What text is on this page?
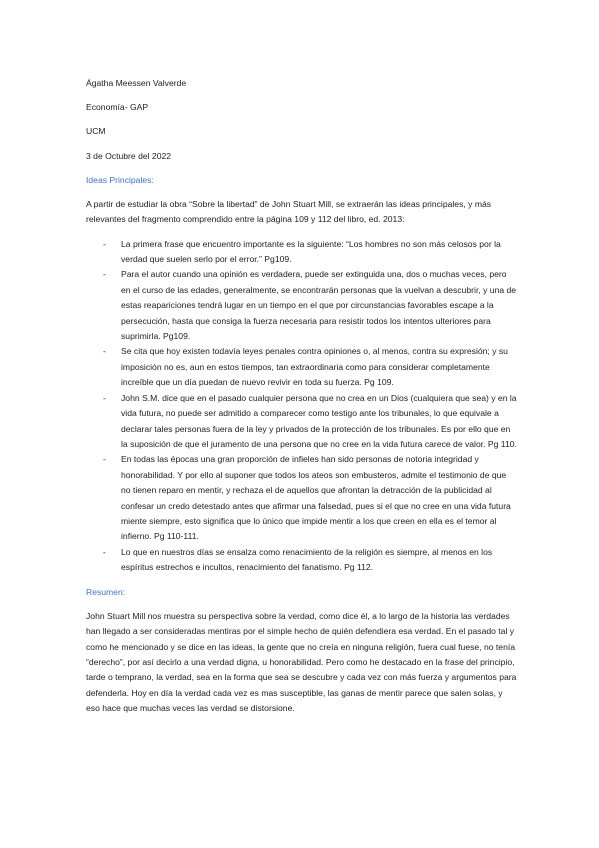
Ágatha Meessen Valverde

Economía- GAP

UCM

3 de Octubre del 2022

Ideas Principales:

A partir de estudiar la obra “Sobre la libertad” de John Stuart Mill, se extraerán las ideas principales, y más relevantes del fragmento comprendido entre la página 109 y 112 del libro, ed. 2013:

- La primera frase que encuentro importante es la siguiente: “Los hombres no son más celosos por la verdad que suelen serlo por el error.” Pg109.
- Para el autor cuando una opinión es verdadera, puede ser extinguida una, dos o muchas veces, pero en el curso de las edades, generalmente, se encontrarán personas que la vuelvan a descubrir, y una de estas reapariciones tendrá lugar en un tiempo en el que por circunstancias favorables escape a la persecución, hasta que consiga la fuerza necesaria para resistir todos los intentos ulteriores para suprimirla. Pg109.
- Se cita que hoy existen todavía leyes penales contra opiniones o, al menos, contra su expresión; y su imposición no es, aun en estos tiempos, tan extraordinaria como para considerar completamente increíble que un día puedan de nuevo revivir en toda su fuerza. Pg 109.
- John S.M. dice que en el pasado cualquier persona que no crea en un Dios (cualquiera que sea) y en la vida futura, no puede ser admitido a comparecer como testigo ante los tribunales, lo que equivale a declarar tales personas fuera de la ley y privados de la protección de los tribunales. Es por ello que en la suposición de que el juramento de una persona que no cree en la vida futura carece de valor. Pg 110.
- En todas las épocas una gran proporción de infieles han sido personas de notoria integridad y honorabilidad. Y por ello al suponer que todos los ateos son embusteros, admite el testimonio de que no tienen reparo en mentir, y rechaza el de aquellos que afrontan la detracción de la publicidad al confesar un credo detestado antes que afirmar una falsedad, pues si el que no cree en una vida futura miente siempre, esto significa que lo único que impide mentir a los que creen en ella es el temor al infierno. Pg 110-111.
- Lo que en nuestros días se ensalza como renacimiento de la religión es siempre, al menos en los espíritus estrechos e incultos, renacimiento del fanatismo. Pg 112.

Resumen:

John Stuart Mill nos muestra su perspectiva sobre la verdad, como dice él, a lo largo de la historia las verdades han llegado a ser consideradas mentiras por el simple hecho de quién defendiera esa verdad. En el pasado tal y como he mencionado y se dice en las ideas, la gente que no creía en ninguna religión, fuera cual fuese, no tenía “derecho”, por así decirlo a una verdad digna, u honorabilidad. Pero como he destacado en la frase del principio, tarde o temprano, la verdad, sea en la forma que sea se descubre y cada vez con más fuerza y argumentos para defenderla. Hoy en día la verdad cada vez es mas susceptible, las ganas de mentir parece que salen solas, y eso hace que muchas veces las verdad se distorsione.
